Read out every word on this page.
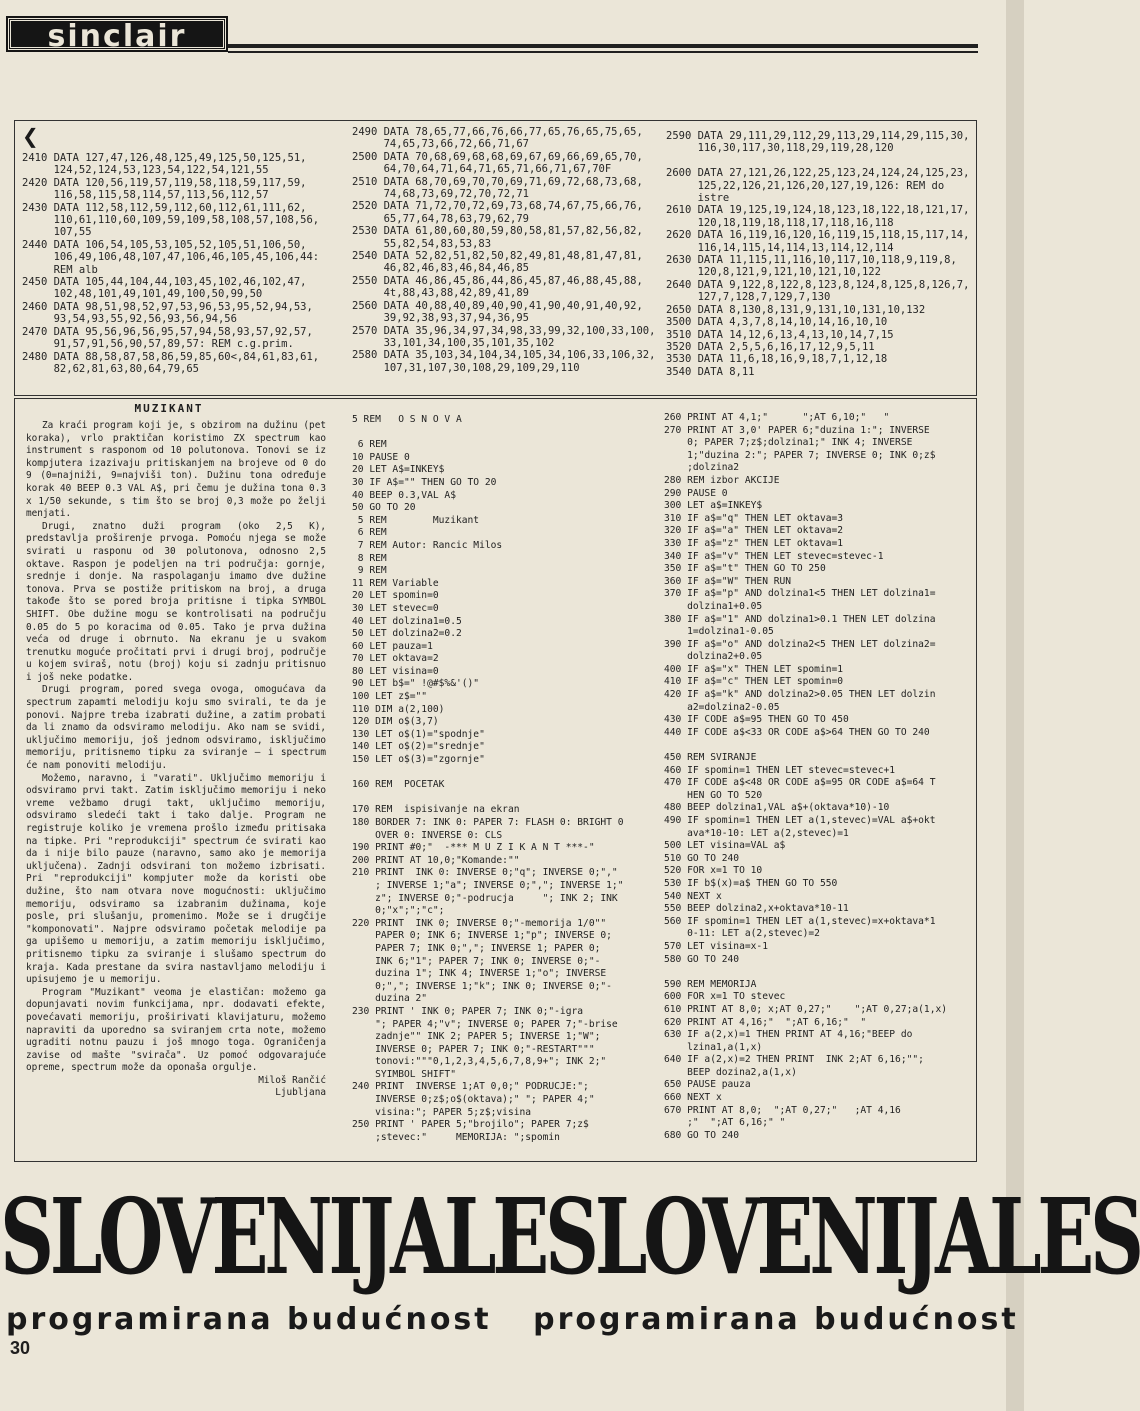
sinclair
❮
2410 DATA 127,47,126,48,125,49,125,50,125,51,
124,52,124,53,123,54,122,54,121,55
2420 DATA 120,56,119,57,119,58,118,59,117,59,
116,58,115,58,114,57,113,56,112,57
2430 DATA 112,58,112,59,112,60,112,61,111,62,
110,61,110,60,109,59,109,58,108,57,108,56,
107,55
2440 DATA 106,54,105,53,105,52,105,51,106,50,
106,49,106,48,107,47,106,46,105,45,106,44:
REM alb
2450 DATA 105,44,104,44,103,45,102,46,102,47,
102,48,101,49,101,49,100,50,99,50
2460 DATA 98,51,98,52,97,53,96,53,95,52,94,53,
93,54,93,55,92,56,93,56,94,56
2470 DATA 95,56,96,56,95,57,94,58,93,57,92,57,
91,57,91,56,90,57,89,57: REM c.g.prim.
2480 DATA 88,58,87,58,86,59,85,60<,84,61,83,61,
82,62,81,63,80,64,79,65
2490 DATA 78,65,77,66,76,66,77,65,76,65,75,65,
74,65,73,66,72,66,71,67
2500 DATA 70,68,69,68,68,69,67,69,66,69,65,70,
64,70,64,71,64,71,65,71,66,71,67,70F
2510 DATA 68,70,69,70,70,69,71,69,72,68,73,68,
74,68,73,69,72,70,72,71
2520 DATA 71,72,70,72,69,73,68,74,67,75,66,76,
65,77,64,78,63,79,62,79
2530 DATA 61,80,60,80,59,80,58,81,57,82,56,82,
55,82,54,83,53,83
2540 DATA 52,82,51,82,50,82,49,81,48,81,47,81,
46,82,46,83,46,84,46,85
2550 DATA 46,86,45,86,44,86,45,87,46,88,45,88,
4t,88,43,88,42,89,41,89
2560 DATA 40,88,40,89,40,90,41,90,40,91,40,92,
39,92,38,93,37,94,36,95
2570 DATA 35,96,34,97,34,98,33,99,32,100,33,100,
33,101,34,100,35,101,35,102
2580 DATA 35,103,34,104,34,105,34,106,33,106,32,
107,31,107,30,108,29,109,29,110
2590 DATA 29,111,29,112,29,113,29,114,29,115,30,
116,30,117,30,118,29,119,28,120

2600 DATA 27,121,26,122,25,123,24,124,24,125,23,
125,22,126,21,126,20,127,19,126: REM do
istre
2610 DATA 19,125,19,124,18,123,18,122,18,121,17,
120,18,119,18,118,17,118,16,118
2620 DATA 16,119,16,120,16,119,15,118,15,117,14,
116,14,115,14,114,13,114,12,114
2630 DATA 11,115,11,116,10,117,10,118,9,119,8,
120,8,121,9,121,10,121,10,122
2640 DATA 9,122,8,122,8,123,8,124,8,125,8,126,7,
127,7,128,7,129,7,130
2650 DATA 8,130,8,131,9,131,10,131,10,132
3500 DATA 4,3,7,8,14,10,14,16,10,10
3510 DATA 14,12,6,13,4,13,10,14,7,15
3520 DATA 2,5,5,6,16,17,12,9,5,11
3530 DATA 11,6,18,16,9,18,7,1,12,18
3540 DATA 8,11
MUZIKANT

Za kraći program koji je, s obzirom na dužinu (pet koraka), vrlo praktičan koristimo ZX spectrum kao instrument s rasponom od 10 polutonova. Tonovi se iz kompjutera izazivaju pritiskanjem na brojeve od 0 do 9 (0=najniži, 9=najviši ton). Dužinu tona određuje korak 40 BEEP 0.3 VAL A$, pri čemu je dužina tona 0.3 x 1/50 sekunde, s tim što se broj 0,3 može po želji menjati.

Drugi, znatno duži program (oko 2,5 K), predstavlja proširenje prvoga. Pomoću njega se može svirati u rasponu od 30 polutonova, odnosno 2,5 oktave. Raspon je podeljen na tri područja: gornje, srednje i donje. Na raspolaganju imamo dve dužine tonova. Prva se postiže pritiskom na broj, a druga takođe što se pored broja pritisne i tipka SYMBOL SHIFT. Obe dužine mogu se kontrolisati na području 0.05 do 5 po koracima od 0.05. Tako je prva dužina veća od druge i obrnuto. Na ekranu je u svakom trenutku moguće pročitati prvi i drugi broj, područje u kojem sviraš, notu (broj) koju si zadnju pritisnuo i još neke podatke.

Drugi program, pored svega ovoga, omogućava da spectrum zapamti melodiju koju smo svirali, te da je ponovi. Najpre treba izabrati dužine, a zatim probati da li znamo da odsviramo melodiju. Ako nam se svidi, uključimo memoriju, još jednom odsviramo, isključimo memoriju, pritisnemo tipku za sviranje – i spectrum će nam ponoviti melodiju.

Možemo, naravno, i "varati". Uključimo memoriju i odsviramo prvi takt. Zatim isključimo memoriju i neko vreme vežbamo drugi takt, uključimo memoriju, odsviramo sledeći takt i tako dalje. Program ne registruje koliko je vremena prošlo između pritisaka na tipke. Pri "reprodukciji" spectrum će svirati kao da i nije bilo pauze (naravno, samo ako je memorija uključena). Zadnji odsvirani ton možemo izbrisati. Pri "reprodukciji" kompjuter može da koristi obe dužine, što nam otvara nove mogućnosti: uključimo memoriju, odsviramo sa izabranim dužinama, koje posle, pri slušanju, promenimo. Može se i drugčije "komponovati". Najpre odsviramo početak melodije pa ga upišemo u memoriju, a zatim memoriju isključimo, pritisnemo tipku za sviranje i slušamo spectrum do kraja. Kada prestane da svira nastavljamo melodiju i upisujemo je u memoriju.

Program "Muzikant" veoma je elastičan: možemo ga dopunjavati novim funkcijama, npr. dodavati efekte, povećavati memoriju, proširivati klavijaturu, možemo napraviti da uporedno sa sviranjem crta note, možemo ugraditi notnu pauzu i još mnogo toga. Ograničenja zavise od mašte "svirača". Uz pomoć odgovarajuće opreme, spectrum može da oponaša orgulje.

Miloš Rančić
Ljubljana
5 REM   O S N O V A

6 REM
10 PAUSE 0
20 LET A$=INKEY$
30 IF A$="" THEN GO TO 20
40 BEEP 0.3,VAL A$
50 GO TO 20
5 REM        Muzikant
6 REM
7 REM Autor: Rancic Milos
8 REM
9 REM
11 REM Variable
20 LET spomin=0
30 LET stevec=0
40 LET dolzina1=0.5
50 LET dolzina2=0.2
60 LET pauza=1
70 LET oktava=2
80 LET visina=0
90 LET b$=" !@#$%&'()"
100 LET z$=""
110 DIM a(2,100)
120 DIM o$(3,7)
130 LET o$(1)="spodnje"
140 LET o$(2)="srednje"
150 LET o$(3)="zgornje"

160 REM  POCETAK

170 REM  ispisivanje na ekran
180 BORDER 7: INK 0: PAPER 7: FLASH 0: BRIGHT 0
OVER 0: INVERSE 0: CLS
190 PRINT #0;"  -*** M U Z I K A N T ***-"
200 PRINT AT 10,0;"Komande:""
210 PRINT  INK 0: INVERSE 0;"q"; INVERSE 0;","
; INVERSE 1;"a"; INVERSE 0;","; INVERSE 1;"
z"; INVERSE 0;"-podrucja     "; INK 2; INK
0;"x";";"c";
220 PRINT  INK 0; INVERSE 0;"-memorija 1/0""
PAPER 0; INK 6; INVERSE 1;"p"; INVERSE 0;
PAPER 7; INK 0;","; INVERSE 1; PAPER 0;
INK 6;"1"; PAPER 7; INK 0; INVERSE 0;"-
duzina 1"; INK 4; INVERSE 1;"o"; INVERSE
0;","; INVERSE 1;"k"; INK 0; INVERSE 0;"-
duzina 2"
230 PRINT ' INK 0; PAPER 7; INK 0;"-igra
"; PAPER 4;"v"; INVERSE 0; PAPER 7;"-brise
zadnje"" INK 2; PAPER 5; INVERSE 1;"W";
INVERSE 0; PAPER 7; INK 0;"-RESTART"""
tonovi:"""0,1,2,3,4,5,6,7,8,9+"; INK 2;"
SYIMBOL SHIFT"
240 PRINT  INVERSE 1;AT 0,0;" PODRUCJE:";
INVERSE 0;z$;o$(oktava);" "; PAPER 4;"
visina:"; PAPER 5;z$;visina
250 PRINT ' PAPER 5;"brojilo"; PAPER 7;z$
;stevec:"     MEMORIJA: ";spomin
260 PRINT AT 4,1;"      ";AT 6,10;"   "
270 PRINT AT 3,0' PAPER 6;"duzina 1:"; INVERSE
0; PAPER 7;z$;dolzina1;" INK 4; INVERSE
1;"duzina 2:"; PAPER 7; INVERSE 0; INK 0;z$
;dolzina2
280 REM izbor AKCIJE
290 PAUSE 0
300 LET a$=INKEY$
310 IF a$="q" THEN LET oktava=3
320 IF a$="a" THEN LET oktava=2
330 IF a$="z" THEN LET oktava=1
340 IF a$="v" THEN LET stevec=stevec-1
350 IF a$="t" THEN GO TO 250
360 IF a$="W" THEN RUN
370 IF a$="p" AND dolzina1<5 THEN LET dolzina1=
dolzina1+0.05
380 IF a$="1" AND dolzina1>0.1 THEN LET dolzina
1=dolzina1-0.05
390 IF a$="o" AND dolzina2<5 THEN LET dolzina2=
dolzina2+0.05
400 IF a$="x" THEN LET spomin=1
410 IF a$="c" THEN LET spomin=0
420 IF a$="k" AND dolzina2>0.05 THEN LET dolzin
a2=dolzina2-0.05
430 IF CODE a$=95 THEN GO TO 450
440 IF CODE a$<33 OR CODE a$>64 THEN GO TO 240

450 REM SVIRANJE
460 IF spomin=1 THEN LET stevec=stevec+1
470 IF CODE a$<48 OR CODE a$=95 OR CODE a$=64 T
HEN GO TO 520
480 BEEP dolzina1,VAL a$+(oktava*10)-10
490 IF spomin=1 THEN LET a(1,stevec)=VAL a$+okt
ava*10-10: LET a(2,stevec)=1
500 LET visina=VAL a$
510 GO TO 240
520 FOR x=1 TO 10
530 IF b$(x)=a$ THEN GO TO 550
540 NEXT x
550 BEEP dolzina2,x+oktava*10-11
560 IF spomin=1 THEN LET a(1,stevec)=x+oktava*1
0-11: LET a(2,stevec)=2
570 LET visina=x-1
580 GO TO 240

590 REM MEMORIJA
600 FOR x=1 TO stevec
610 PRINT AT 8,0; x;AT 0,27;"    ";AT 0,27;a(1,x)
620 PRINT AT 4,16;"  ";AT 6,16;"  "
630 IF a(2,x)=1 THEN PRINT AT 4,16;"BEEP do
lzina1,a(1,x)
640 IF a(2,x)=2 THEN PRINT  INK 2;AT 6,16;"";
BEEP dozina2,a(1,x)
650 PAUSE pauza
660 NEXT x
670 PRINT AT 8,0;  ";AT 0,27;"   ;AT 4,16
;"  ";AT 6,16;" "
680 GO TO 240
SLOVENIJALESLOVENIJALES
programirana budućnost programirana budućnost
30
